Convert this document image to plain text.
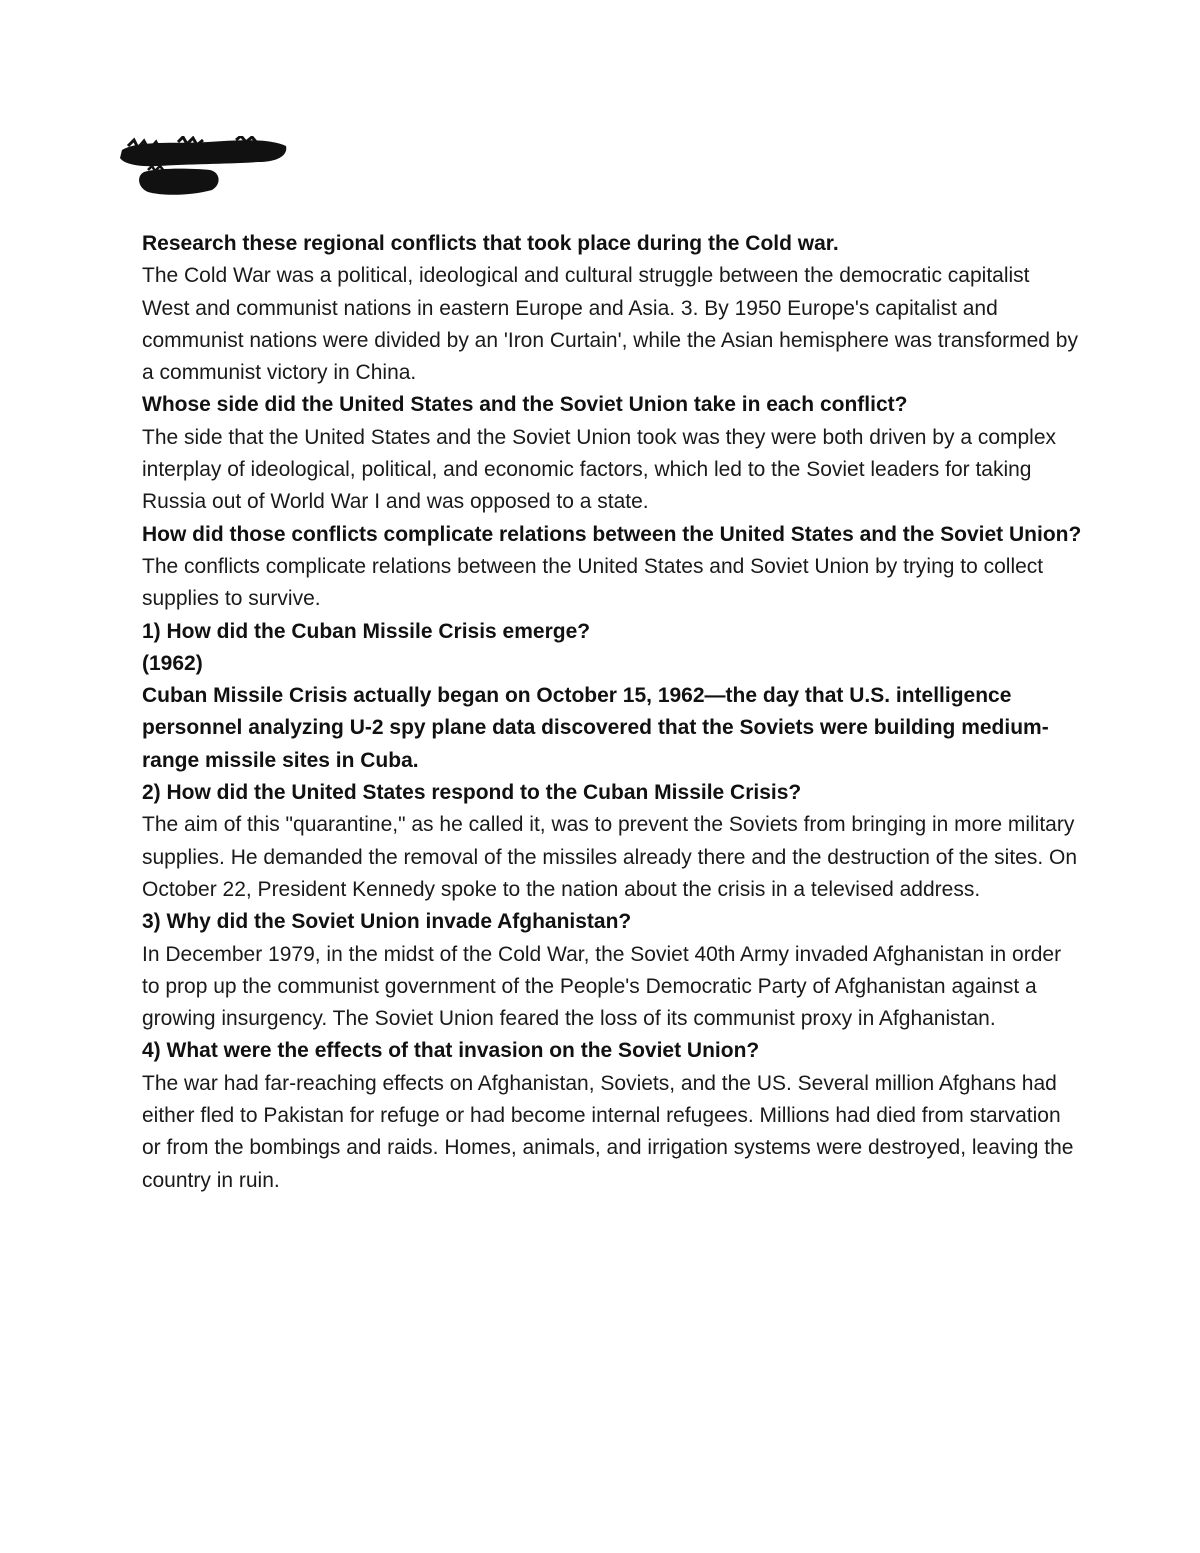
Research these regional conflicts that took place during the Cold war.

The Cold War was a political, ideological and cultural struggle between the democratic capitalist West and communist nations in eastern Europe and Asia. 3. By 1950 Europe's capitalist and communist nations were divided by an 'Iron Curtain', while the Asian hemisphere was transformed by a communist victory in China.

Whose side did the United States and the Soviet Union take in each conflict?

The side that the United States and the Soviet Union took was they were both driven by a complex interplay of ideological, political, and economic factors, which led to the Soviet leaders for taking Russia out of World War I and was opposed to a state.

How did those conflicts complicate relations between the United States and the Soviet Union?

The conflicts complicate relations between the United States and Soviet Union by trying to collect supplies to survive.

1) How did the Cuban Missile Crisis emerge?

(1962)

Cuban Missile Crisis actually began on October 15, 1962—the day that U.S. intelligence personnel analyzing U-2 spy plane data discovered that the Soviets were building medium-range missile sites in Cuba.

2) How did the United States respond to the Cuban Missile Crisis?

The aim of this "quarantine," as he called it, was to prevent the Soviets from bringing in more military supplies. He demanded the removal of the missiles already there and the destruction of the sites. On October 22, President Kennedy spoke to the nation about the crisis in a televised address.

3) Why did the Soviet Union invade Afghanistan?

In December 1979, in the midst of the Cold War, the Soviet 40th Army invaded Afghanistan in order to prop up the communist government of the People's Democratic Party of Afghanistan against a growing insurgency. The Soviet Union feared the loss of its communist proxy in Afghanistan.

4) What were the effects of that invasion on the Soviet Union?

The war had far-reaching effects on Afghanistan, Soviets, and the US. Several million Afghans had either fled to Pakistan for refuge or had become internal refugees. Millions had died from starvation or from the bombings and raids. Homes, animals, and irrigation systems were destroyed, leaving the country in ruin.
